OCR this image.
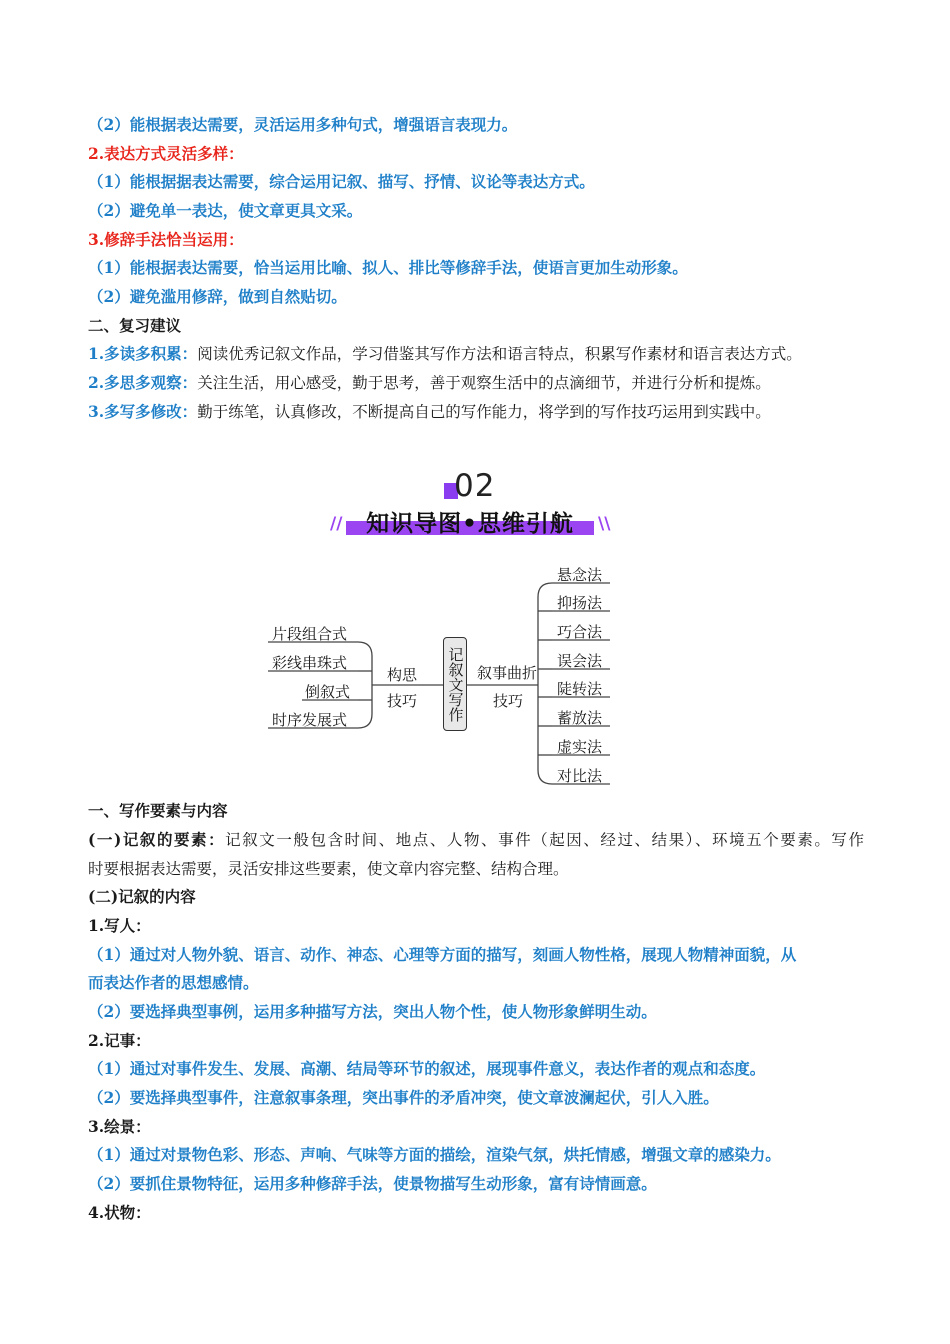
（2）能根据表达需要，灵活运用多种句式，增强语言表现力。
2.表达方式灵活多样：
（1）能根据据表达需要，综合运用记叙、描写、抒情、议论等表达方式。
（2）避免单一表达，使文章更具文采。
3.修辞手法恰当运用：
（1）能根据表达需要，恰当运用比喻、拟人、排比等修辞手法，使语言更加生动形象。
（2）避免滥用修辞，做到自然贴切。
二、复习建议
1.多读多积累：阅读优秀记叙文作品，学习借鉴其写作方法和语言特点，积累写作素材和语言表达方式。
2.多思多观察：关注生活，用心感受，勤于思考，善于观察生活中的点滴细节，并进行分析和提炼。
3.多写多修改：勤于练笔，认真修改，不断提高自己的写作能力，将学到的写作技巧运用到实践中。
02
知识导图•思维引航
//	\\
片段组合式
彩线串珠式
倒叙式
时序发展式
构思
技巧 记叙文写作 叙事曲折
技巧
悬念法
抑扬法
巧合法
误会法
陡转法
蓄放法
虚实法
对比法
一、写作要素与内容
(一)记叙的要素：记叙文一般包含时间、地点、人物、事件（起因、经过、结果）、环境五个要素。写作
时要根据表达需要，灵活安排这些要素，使文章内容完整、结构合理。
(二)记叙的内容
1.写人：
（1）通过对人物外貌、语言、动作、神态、心理等方面的描写，刻画人物性格，展现人物精神面貌，从
而表达作者的思想感情。
（2）要选择典型事例，运用多种描写方法，突出人物个性，使人物形象鲜明生动。
2.记事：
（1）通过对事件发生、发展、高潮、结局等环节的叙述，展现事件意义，表达作者的观点和态度。
（2）要选择典型事件，注意叙事条理，突出事件的矛盾冲突，使文章波澜起伏，引人入胜。
3.绘景：
（1）通过对景物色彩、形态、声响、气味等方面的描绘，渲染气氛，烘托情感，增强文章的感染力。
（2）要抓住景物特征，运用多种修辞手法，使景物描写生动形象，富有诗情画意。
4.状物：
